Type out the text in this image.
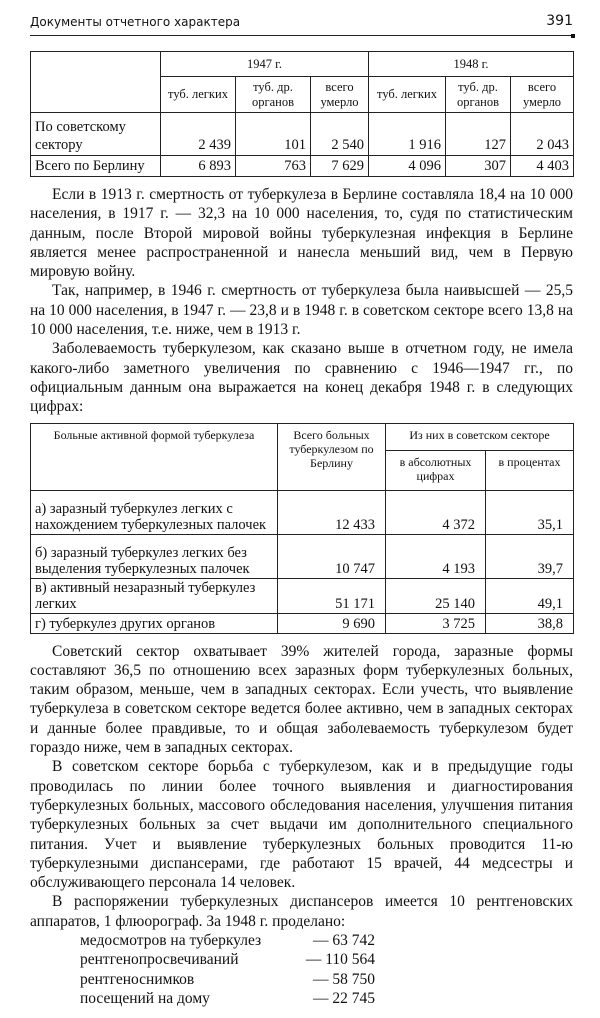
Документы отчетного характера	391
	1947 г.			1948 г.		
	туб. легких	туб. др. органов	всего умерло	туб. легких	туб. др. органов	всего умерло
По советскому сектору	2 439	101	2 540	1 916	127	2 043
Всего по Берлину	6 893	763	7 629	4 096	307	4 403

Если в 1913 г. смертность от туберкулеза в Берлине составляла 18,4 на 10 000 населения, в 1917 г. — 32,3 на 10 000 населения, то, судя по статистическим данным, после Второй мировой войны туберкулезная инфекция в Берлине является менее распространенной и нанесла меньший вид, чем в Первую мировую войну.

Так, например, в 1946 г. смертность от туберкулеза была наивысшей — 25,5 на 10 000 населения, в 1947 г. — 23,8 и в 1948 г. в советском секторе всего 13,8 на 10 000 населения, т.е. ниже, чем в 1913 г.

Заболеваемость туберкулезом, как сказано выше в отчетном году, не имела какого-либо заметного увеличения по сравнению с 1946—1947 гг., по официальным данным она выражается на конец декабря 1948 г. в следующих цифрах:

Больные активной формой туберкулеза	Всего больных туберкулезом по Берлину	Из них в советском секторе	
		в абсолютных цифрах	в процентах
а) заразный туберкулез легких с нахождением туберкулезных палочек	12 433	4 372	35,1
б) заразный туберкулез легких без выделения туберкулезных палочек	10 747	4 193	39,7
в) активный незаразный туберкулез легких	51 171	25 140	49,1
г) туберкулез других органов	9 690	3 725	38,8

Советский сектор охватывает 39% жителей города, заразные формы составляют 36,5 по отношению всех заразных форм туберкулезных больных, таким образом, меньше, чем в западных секторах. Если учесть, что выявление туберкулеза в советском секторе ведется более активно, чем в западных секторах и данные более правдивые, то и общая заболеваемость туберкулезом будет гораздо ниже, чем в западных секторах.

В советском секторе борьба с туберкулезом, как и в предыдущие годы проводилась по линии более точного выявления и диагностирования туберкулезных больных, массового обследования населения, улучшения питания туберкулезных больных за счет выдачи им дополнительного специального питания. Учет и выявление туберкулезных больных проводится 11-ю туберкулезными диспансерами, где работают 15 врачей, 44 медсестры и обслуживающего персонала 14 человек.

В распоряжении туберкулезных диспансеров имеется 10 рентгеновских аппаратов, 1 флюорограф. За 1948 г. проделано:

медосмотров на туберкулез	— 63 742
рентгенопросвечиваний	— 110 564
рентгеноснимков	— 58 750
посещений на дому	— 22 745
